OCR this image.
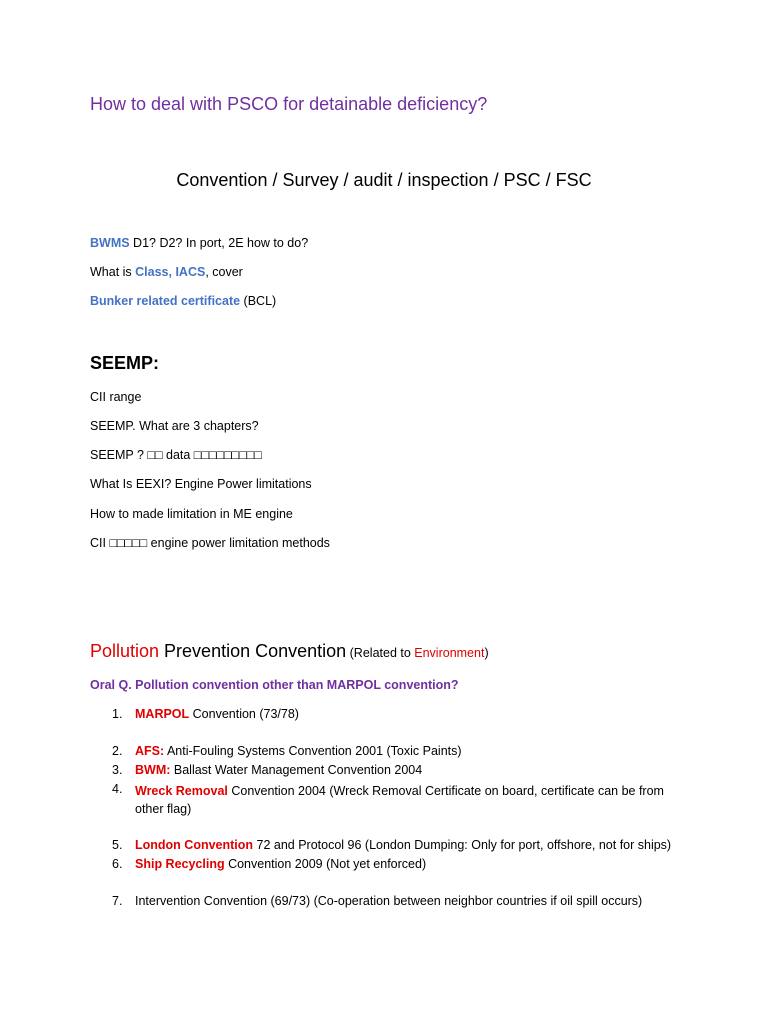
How to deal with PSCO for detainable deficiency?
Convention / Survey / audit / inspection / PSC / FSC
BWMS D1? D2? In port, 2E how to do?
What is Class, IACS, cover
Bunker related certificate (BCL)
SEEMP:
CII range
SEEMP. What are 3 chapters?
SEEMP ? □□ data □□□□□□□□□
What Is EEXI? Engine Power limitations
How to made limitation in ME engine
CII □□□□□ engine power limitation methods
Pollution Prevention Convention (Related to Environment)
Oral Q. Pollution convention other than MARPOL convention?
1. MARPOL Convention (73/78)
2. AFS: Anti-Fouling Systems Convention 2001 (Toxic Paints)
3. BWM: Ballast Water Management Convention 2004
4.	Wreck Removal Convention 2004 (Wreck Removal Certificate on board, certificate can be from other flag)
5. London Convention 72 and Protocol 96 (London Dumping: Only for port, offshore, not for ships)
6. Ship Recycling Convention 2009 (Not yet enforced)
7. Intervention Convention (69/73) (Co-operation between neighbor countries if oil spill occurs)
